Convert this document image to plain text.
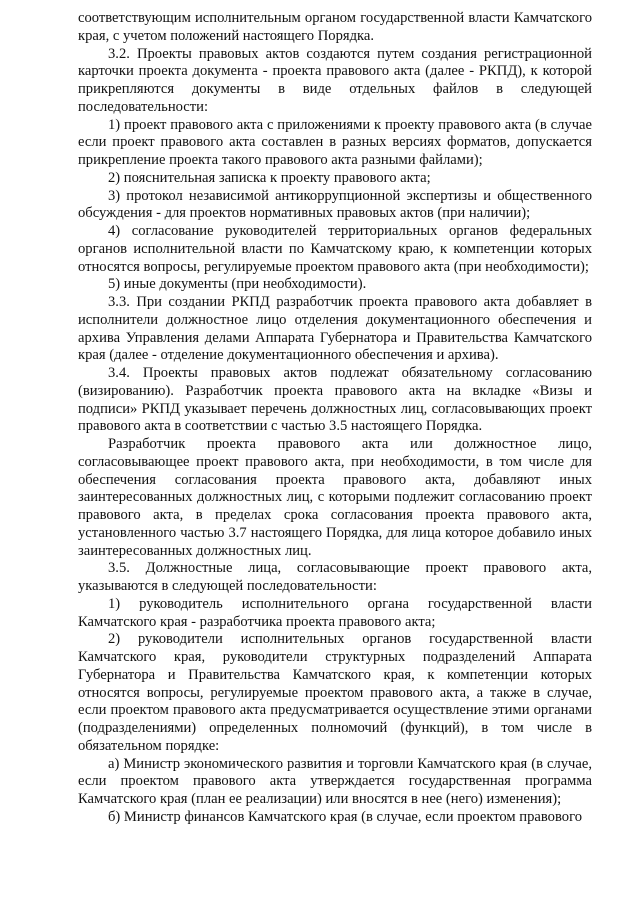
соответствующим исполнительным органом государственной власти Камчатского края, с учетом положений настоящего Порядка.

3.2. Проекты правовых актов создаются путем создания регистрационной карточки проекта документа - проекта правового акта (далее - РКПД), к которой прикрепляются документы в виде отдельных файлов в следующей последовательности:

1) проект правового акта с приложениями к проекту правового акта (в случае если проект правового акта составлен в разных версиях форматов, допускается прикрепление проекта такого правового акта разными файлами);

2) пояснительная записка к проекту правового акта;

3) протокол независимой антикоррупционной экспертизы и общественного обсуждения - для проектов нормативных правовых актов (при наличии);

4) согласование руководителей территориальных органов федеральных органов исполнительной власти по Камчатскому краю, к компетенции которых относятся вопросы, регулируемые проектом правового акта (при необходимости);

5) иные документы (при необходимости).

3.3. При создании РКПД разработчик проекта правового акта добавляет в исполнители должностное лицо отделения документационного обеспечения и архива Управления делами Аппарата Губернатора и Правительства Камчатского края (далее - отделение документационного обеспечения и архива).

3.4. Проекты правовых актов подлежат обязательному согласованию (визированию). Разработчик проекта правового акта на вкладке «Визы и подписи» РКПД указывает перечень должностных лиц, согласовывающих проект правового акта в соответствии с частью 3.5 настоящего Порядка.

Разработчик проекта правового акта или должностное лицо, согласовывающее проект правового акта, при необходимости, в том числе для обеспечения согласования проекта правового акта, добавляют иных заинтересованных должностных лиц, с которыми подлежит согласованию проект правового акта, в пределах срока согласования проекта правового акта, установленного частью 3.7 настоящего Порядка, для лица которое добавило иных заинтересованных должностных лиц.

3.5. Должностные лица, согласовывающие проект правового акта, указываются в следующей последовательности:

1) руководитель исполнительного органа государственной власти Камчатского края - разработчика проекта правового акта;

2) руководители исполнительных органов государственной власти Камчатского края, руководители структурных подразделений Аппарата Губернатора и Правительства Камчатского края, к компетенции которых относятся вопросы, регулируемые проектом правового акта, а также в случае, если проектом правового акта предусматривается осуществление этими органами (подразделениями) определенных полномочий (функций), в том числе в обязательном порядке:

а) Министр экономического развития и торговли Камчатского края (в случае, если проектом правового акта утверждается государственная программа Камчатского края (план ее реализации) или вносятся в нее (него) изменения);

б) Министр финансов Камчатского края (в случае, если проектом правового
